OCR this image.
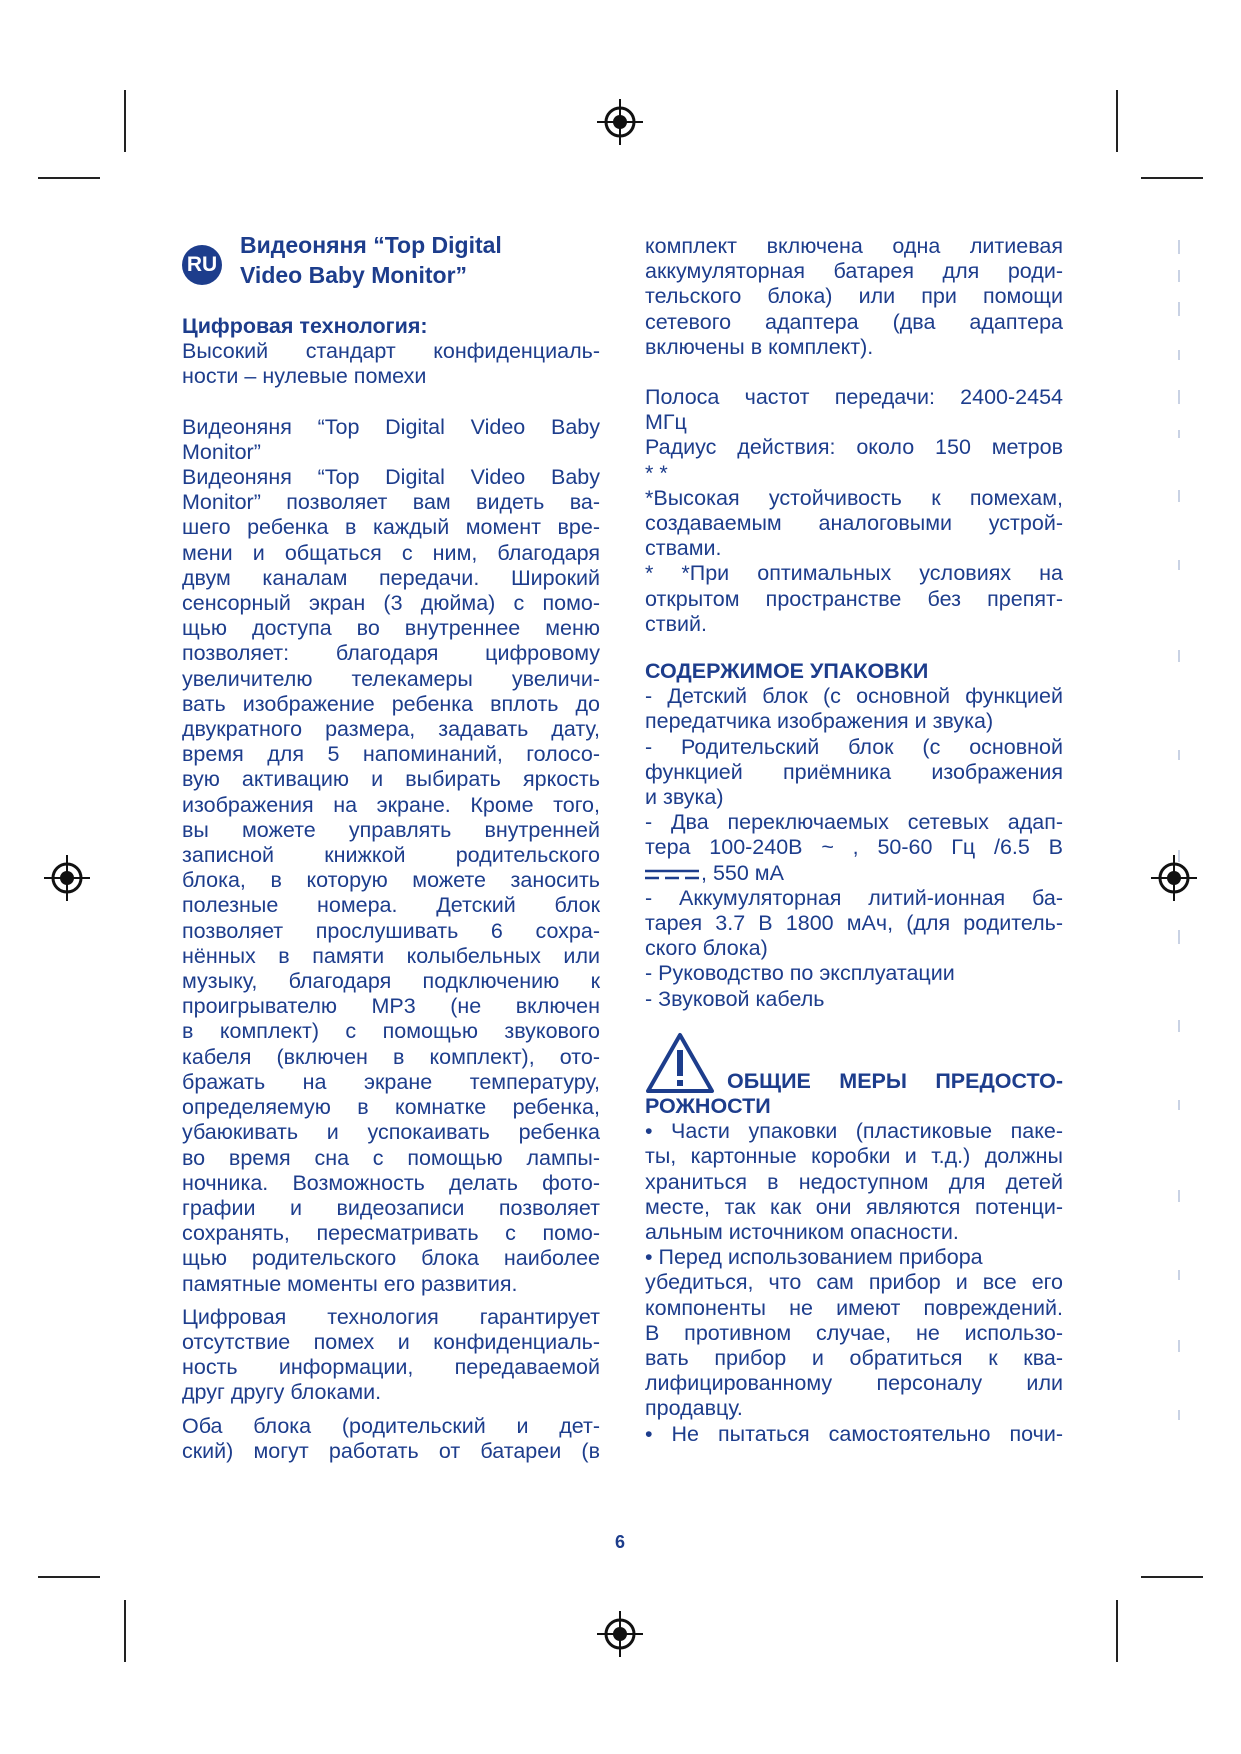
RU
Видеоняня “Top Digital
Video Baby Monitor”

Цифровая технология:

Высокий стандарт конфиденциаль-

ности – нулевые помехи

Видеоняня “Top Digital Video Baby

Monitor”

Видеоняня “Top Digital Video Baby

Monitor” позволяет вам видеть ва-

шего ребенка в каждый момент вре-

мени и общаться с ним, благодаря

двум каналам передачи. Широкий

сенсорный экран (3 дюйма) с помо-

щью доступа во внутреннее меню

позволяет: благодаря цифровому

увеличителю телекамеры увеличи-

вать изображение ребенка вплоть до

двукратного размера, задавать дату,

время для 5 напоминаний, голосо-

вую активацию и выбирать яркость

изображения на экране. Кроме того,

вы можете управлять внутренней

записной книжкой родительского

блока, в которую можете заносить

полезные номера. Детский блок

позволяет прослушивать 6 сохра-

нённых в памяти колыбельных или

музыку, благодаря подключению к

проигрывателю MP3 (не включен

в комплект) с помощью звукового

кабеля (включен в комплект), ото-

бражать на экране температуру,

определяемую в комнатке ребенка,

убаюкивать и успокаивать ребенка

во время сна с помощью лампы-

ночника. Возможность делать фото-

графии и видеозаписи позволяет

сохранять, пересматривать с помо-

щью родительского блока наиболее

памятные моменты его развития.

Цифровая технология гарантирует

отсутствие помех и конфиденциаль-

ность информации, передаваемой

друг другу блоками.

Оба блока (родительский и дет-

ский) могут работать от батареи (в

комплект включена одна литиевая

аккумуляторная батарея для роди-

тельского блока) или при помощи

сетевого адаптера (два адаптера

включены в комплект).

Полоса частот передачи: 2400-2454

МГц

Радиус действия: около 150 метров

* *

*Высокая устойчивость к помехам,

создаваемым аналоговыми устрой-

ствами.

* *При оптимальных условиях на

открытом пространстве без препят-

ствий.

СОДЕРЖИМОЕ УПАКОВКИ

- Детский блок (с основной функцией

передатчика изображения и звука)

- Родительский блок (с основной

функцией приёмника изображения

и звука)

- Два переключаемых сетевых адап-

тера 100-240В ~ , 50-60 Гц /6.5 В

, 550 мА

- Аккумуляторная литий-ионная ба-

тарея 3.7 В 1800 мАч, (для родитель-

ского блока)

- Руководство по эксплуатации

- Звуковой кабель

ОБЩИЕ МЕРЫ ПРЕДОСТО-

РОЖНОСТИ

• Части упаковки (пластиковые паке-

ты, картонные коробки и т.д.) должны

храниться в недоступном для детей

месте, так как они являются потенци-

альным источником опасности.

• Перед использованием прибора

убедиться, что сам прибор и все его

компоненты не имеют повреждений.

В противном случае, не использо-

вать прибор и обратиться к ква-

лифицированному персоналу или

продавцу.

• Не пытаться самостоятельно почи-

6
